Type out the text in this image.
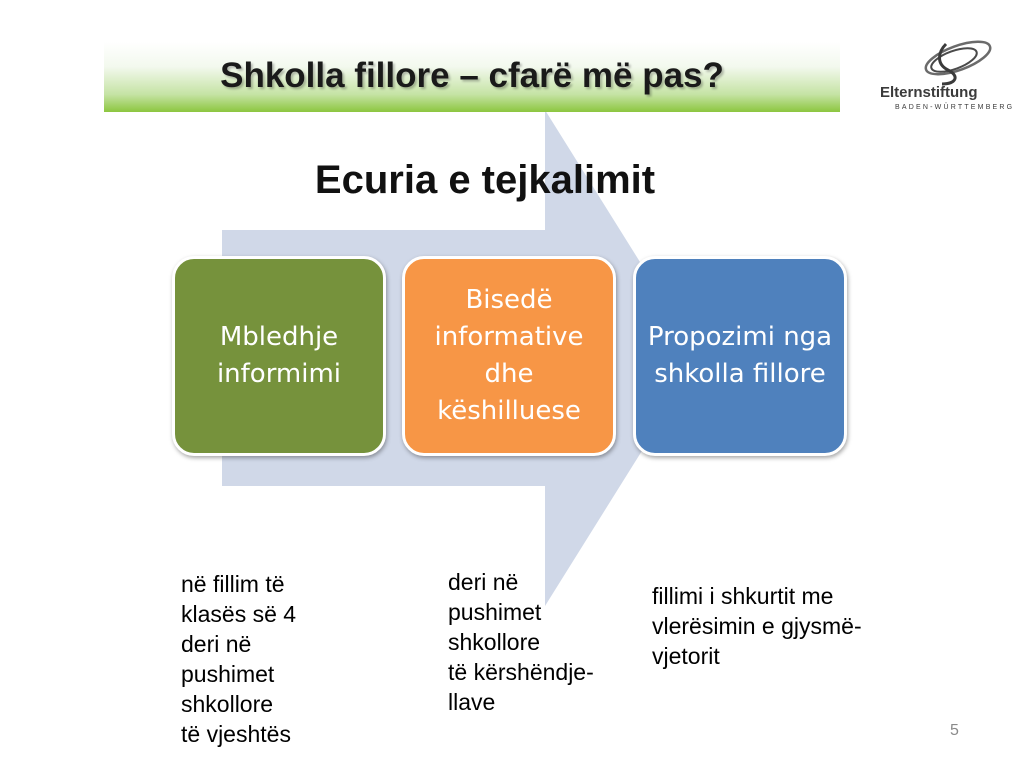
Shkolla fillore – cfarë më pas?	Elternstiftung
BADEN-WÜRTTEMBERG
Ecuria e tejkalimit
Mbledhje informimi
Bisedë informative dhe këshilluese
Propozimi nga shkolla fillore
në fillim të
klasës së 4
deri në
pushimet
shkollore
të vjeshtës
deri në
pushimet
shkollore
të kërshëndje-
llave
fillimi i shkurtit me
vlerësimin e gjysmë-
vjetorit
5
